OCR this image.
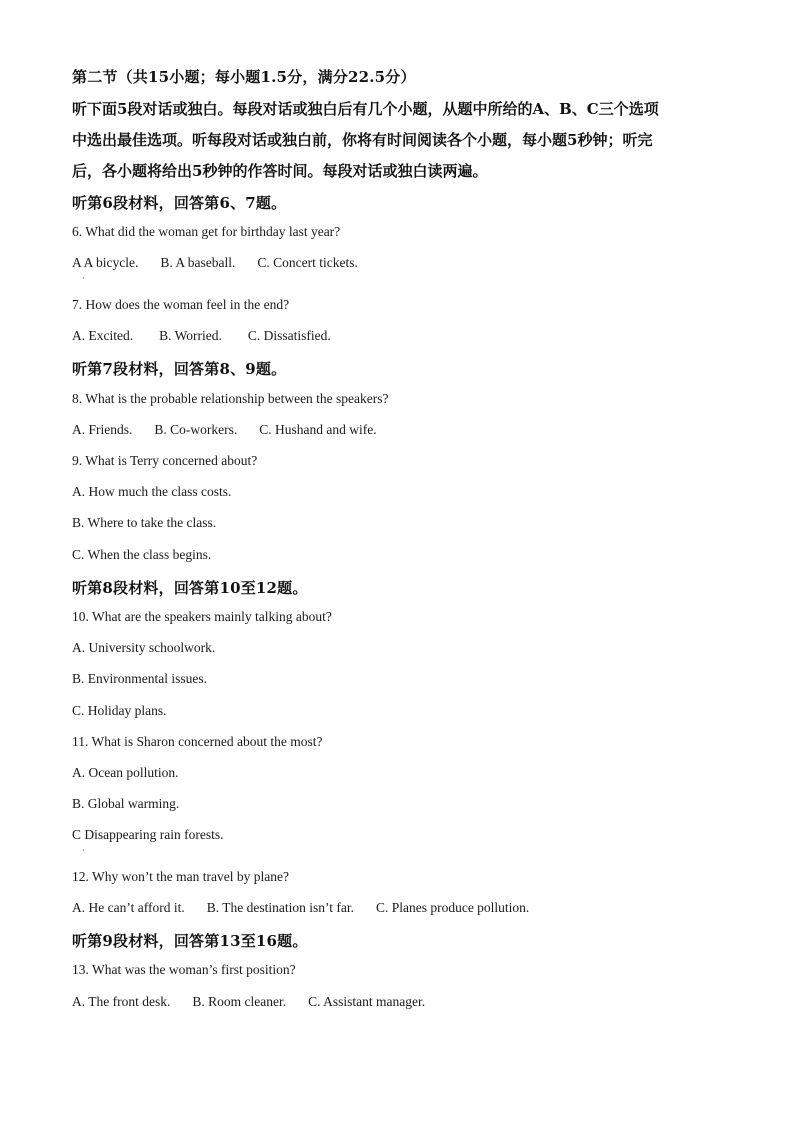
第二节（共15小题；每小题1.5分，满分22.5分）
听下面5段对话或独白。每段对话或独白后有几个小题，从题中所给的A、B、C三个选项
中选出最佳选项。听每段对话或独白前，你将有时间阅读各个小题，每小题5秒钟；听完
后，各小题将给出5秒钟的作答时间。每段对话或独白读两遍。
听第6段材料，回答第6、7题。
6. What did the woman get for birthday last year?
A A bicycle. B. A baseball. C. Concert tickets.
·
7. How does the woman feel in the end?
A. Excited. B. Worried. C. Dissatisfied.
听第7段材料，回答第8、9题。
8. What is the probable relationship between the speakers?
A. Friends. B. Co-workers. C. Hushand and wife.
9. What is Terry concerned about?
A. How much the class costs.
B. Where to take the class.
C. When the class begins.
听第8段材料，回答第10至12题。
10. What are the speakers mainly talking about?
A. University schoolwork.
B. Environmental issues.
C. Holiday plans.
11. What is Sharon concerned about the most?
A. Ocean pollution.
B. Global warming.
C Disappearing rain forests.
·
12. Why won’t the man travel by plane?
A. He can’t afford it. B. The destination isn’t far. C. Planes produce pollution.
听第9段材料，回答第13至16题。
13. What was the woman’s first position?
A. The front desk. B. Room cleaner. C. Assistant manager.
